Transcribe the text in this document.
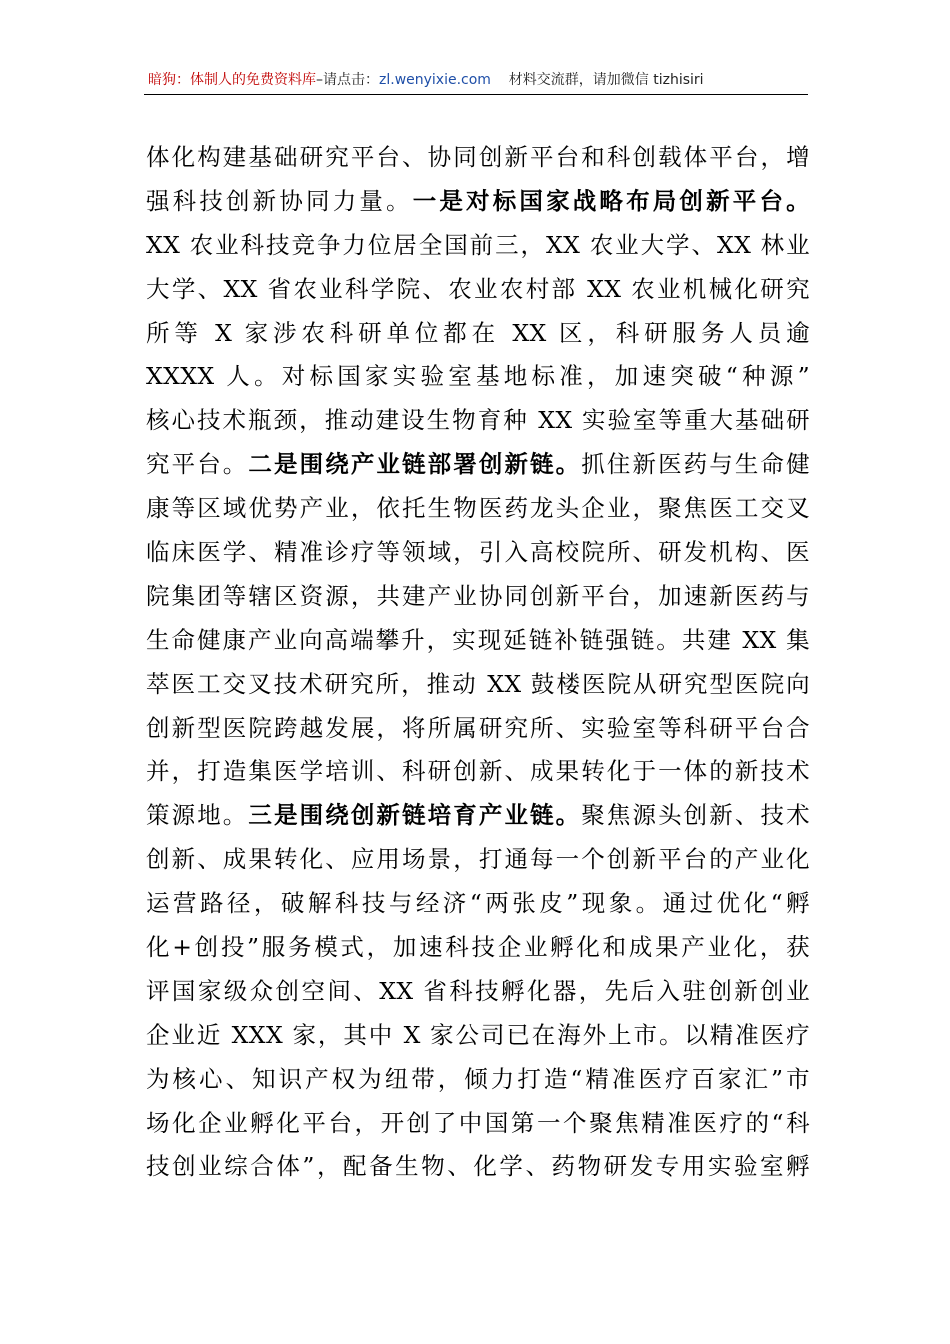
暗狗：体制人的免费资料库–请点击：zl.wenyixie.com 材料交流群，请加微信 tizhisiri
体化构建基础研究平台、协同创新平台和科创载体平台，增
强科技创新协同力量。一是对标国家战略布局创新平台。
XX 农业科技竞争力位居全国前三，XX 农业大学、XX 林业
大学、XX 省农业科学院、农业农村部 XX 农业机械化研究
所等 X 家涉农科研单位都在 XX 区，科研服务人员逾
XXXX 人。对标国家实验室基地标准，加速突破“种源”
核心技术瓶颈，推动建设生物育种 XX 实验室等重大基础研
究平台。二是围绕产业链部署创新链。抓住新医药与生命健
康等区域优势产业，依托生物医药龙头企业，聚焦医工交叉
临床医学、精准诊疗等领域，引入高校院所、研发机构、医
院集团等辖区资源，共建产业协同创新平台，加速新医药与
生命健康产业向高端攀升，实现延链补链强链。共建 XX 集
萃医工交叉技术研究所，推动 XX 鼓楼医院从研究型医院向
创新型医院跨越发展，将所属研究所、实验室等科研平台合
并，打造集医学培训、科研创新、成果转化于一体的新技术
策源地。三是围绕创新链培育产业链。聚焦源头创新、技术
创新、成果转化、应用场景，打通每一个创新平台的产业化
运营路径，破解科技与经济“两张皮”现象。通过优化“孵
化+创投”服务模式，加速科技企业孵化和成果产业化，获
评国家级众创空间、XX 省科技孵化器，先后入驻创新创业
企业近 XXX 家，其中 X 家公司已在海外上市。以精准医疗
为核心、知识产权为纽带，倾力打造“精准医疗百家汇”市
场化企业孵化平台，开创了中国第一个聚焦精准医疗的“科
技创业综合体”，配备生物、化学、药物研发专用实验室孵
